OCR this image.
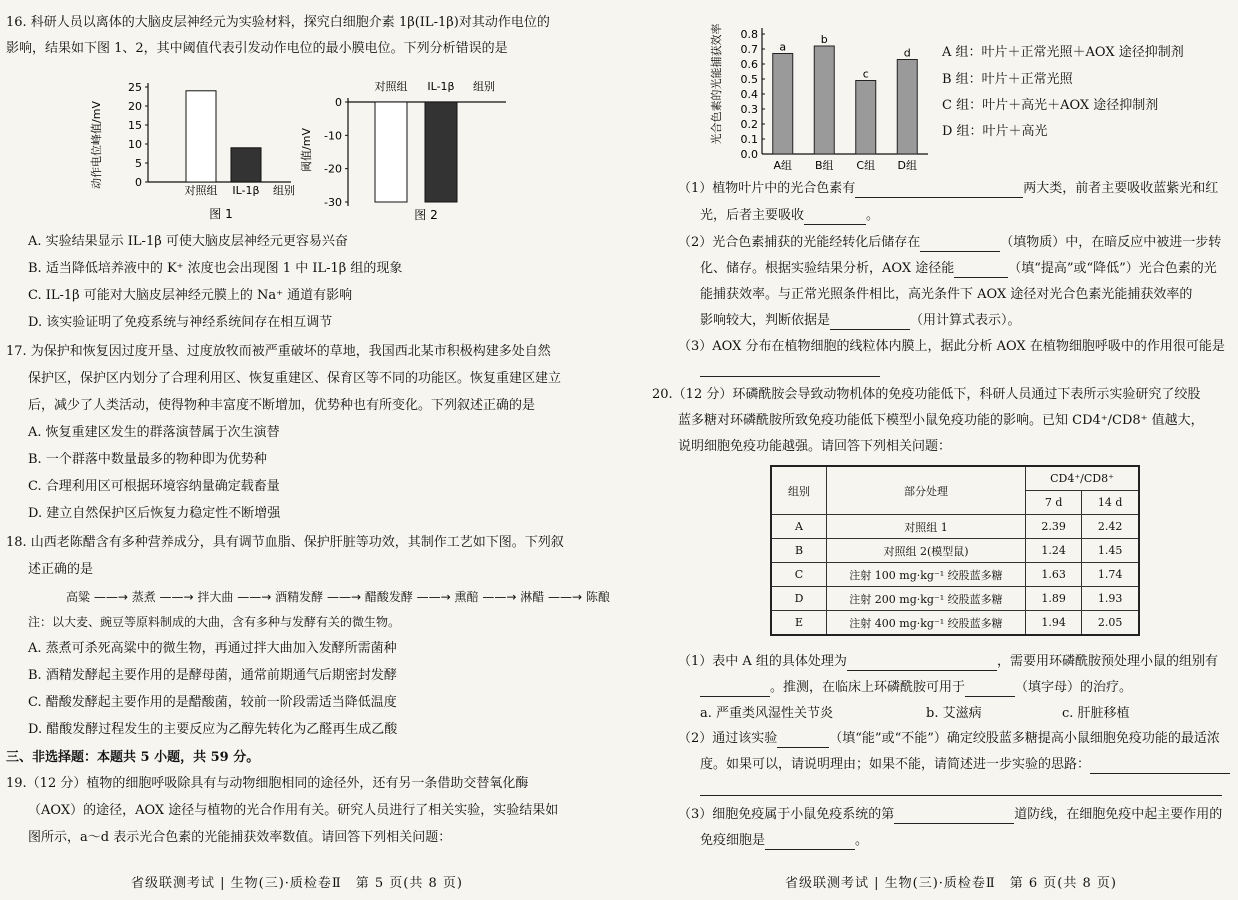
16. 科研人员以离体的大脑皮层神经元为实验材料，探究白细胞介素 1β(IL-1β)对其动作电位的
影响，结果如下图 1、2，其中阈值代表引发动作电位的最小膜电位。下列分析错误的是
动作电位峰值/mV	0
5
10
15
20
25
对照组 IL-1β 组别
图 1
阈值/mV
0
-10
-20
-30
对照组 IL-1β 组别
图 2
A. 实验结果显示 IL-1β 可使大脑皮层神经元更容易兴奋
B. 适当降低培养液中的 K⁺ 浓度也会出现图 1 中 IL-1β 组的现象
C. IL-1β 可能对大脑皮层神经元膜上的 Na⁺ 通道有影响
D. 该实验证明了免疫系统与神经系统间存在相互调节
17. 为保护和恢复因过度开垦、过度放牧而被严重破坏的草地，我国西北某市积极构建多处自然
保护区，保护区内划分了合理利用区、恢复重建区、保育区等不同的功能区。恢复重建区建立
后，减少了人类活动，使得物种丰富度不断增加，优势种也有所变化。下列叙述正确的是
A. 恢复重建区发生的群落演替属于次生演替
B. 一个群落中数量最多的物种即为优势种
C. 合理利用区可根据环境容纳量确定载畜量
D. 建立自然保护区后恢复力稳定性不断增强
18. 山西老陈醋含有多种营养成分，具有调节血脂、保护肝脏等功效，其制作工艺如下图。下列叙
述正确的是
高粱 ——→ 蒸煮 ——→ 拌大曲 ——→ 酒精发酵 ——→ 醋酸发酵 ——→ 熏醅 ——→ 淋醋 ——→ 陈酿
注：以大麦、豌豆等原料制成的大曲，含有多种与发酵有关的微生物。
A. 蒸煮可杀死高粱中的微生物，再通过拌大曲加入发酵所需菌种
B. 酒精发酵起主要作用的是酵母菌，通常前期通气后期密封发酵
C. 醋酸发酵起主要作用的是醋酸菌，较前一阶段需适当降低温度
D. 醋酸发酵过程发生的主要反应为乙醇先转化为乙醛再生成乙酸
三、非选择题：本题共 5 小题，共 59 分。
19.（12 分）植物的细胞呼吸除具有与动物细胞相同的途径外，还有另一条借助交替氧化酶
（AOX）的途径，AOX 途径与植物的光合作用有关。研究人员进行了相关实验，实验结果如
图所示，a～d 表示光合色素的光能捕获效率数值。请回答下列相关问题：
省级联测考试 | 生物(三)·质检卷Ⅱ　第 5 页(共 8 页)
光合色素的光能捕获效率
0.0
0.1
0.2
0.3
0.4
0.5
0.6
0.7
0.8
A组 B组 C组 D组
a
b
c
d A 组：叶片＋正常光照＋AOX 途径抑制剂
B 组：叶片＋正常光照
C 组：叶片＋高光＋AOX 途径抑制剂
D 组：叶片＋高光
（1）植物叶片中的光合色素有	两大类，前者主要吸收蓝紫光和红
光，后者主要吸收	。
（2）光合色素捕获的光能经转化后储存在	（填物质）中，在暗反应中被进一步转
化、储存。根据实验结果分析，AOX 途径能	（填“提高”或“降低”）光合色素的光
能捕获效率。与正常光照条件相比，高光条件下 AOX 途径对光合色素光能捕获效率的
影响较大，判断依据是	（用计算式表示）。
（3）AOX 分布在植物细胞的线粒体内膜上，据此分析 AOX 在植物细胞呼吸中的作用很可能是
20.（12 分）环磷酰胺会导致动物机体的免疫功能低下，科研人员通过下表所示实验研究了绞股
蓝多糖对环磷酰胺所致免疫功能低下模型小鼠免疫功能的影响。已知 CD4⁺/CD8⁺ 值越大，
说明细胞免疫功能越强。请回答下列相关问题：
组别	部分处理	CD4⁺/CD8⁺	
		7 d	14 d
A	对照组 1	2.39	2.42
B	对照组 2(模型鼠)	1.24	1.45
C	注射 100 mg·kg⁻¹ 绞股蓝多糖	1.63	1.74
D	注射 200 mg·kg⁻¹ 绞股蓝多糖	1.89	1.93
E	注射 400 mg·kg⁻¹ 绞股蓝多糖	1.94	2.05
（1）表中 A 组的具体处理为	，需要用环磷酰胺预处理小鼠的组别有
。推测，在临床上环磷酰胺可用于	（填字母）的治疗。
a. 严重类风湿性关节炎	b. 艾滋病	c. 肝脏移植
（2）通过该实验	（填“能”或“不能”）确定绞股蓝多糖提高小鼠细胞免疫功能的最适浓
度。如果可以，请说明理由；如果不能，请简述进一步实验的思路：
（3）细胞免疫属于小鼠免疫系统的第	道防线，在细胞免疫中起主要作用的
免疫细胞是	。
省级联测考试 | 生物(三)·质检卷Ⅱ　第 6 页(共 8 页)
